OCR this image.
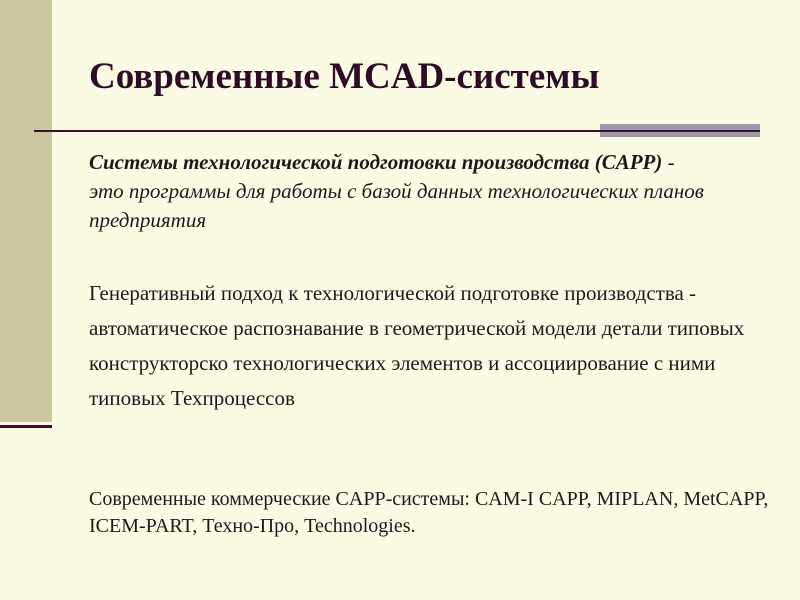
Современные MCAD-системы

Системы технологической подготовки производства (CAPP) - это программы для работы с базой данных технологических планов предприятия

Генеративный подход к технологической подготовке производства - автоматическое распознавание в геометрической модели детали типовых конструкторско технологических элементов и ассоциирование с ними типовых Техпроцессов

Современные коммерческие CAPP-системы: CAM-I CAPP, MIPLAN, MetCAPP, ICEM-PART, Техно-Про, Technologies.
